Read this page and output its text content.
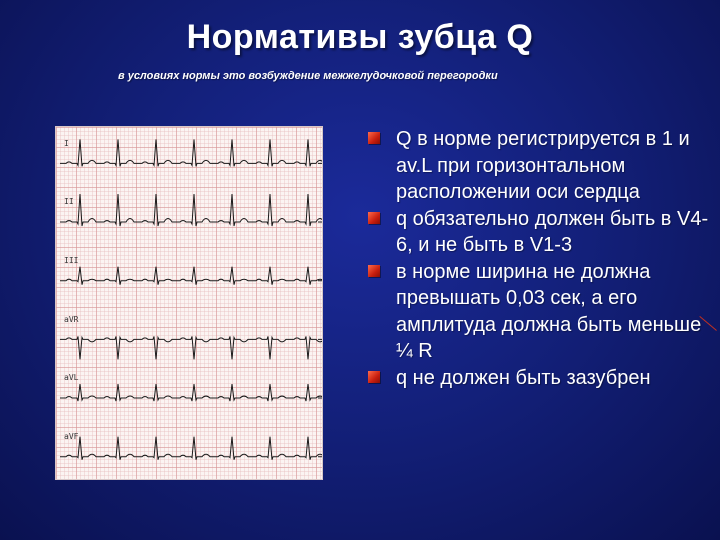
Нормативы зубца Q
в условиях нормы это возбуждение межжелудочковой перегородки
I
II
III
aVR
aVL
aVF
Q в норме регистрируется в 1 и av.L при горизонтальном расположении оси сердца
q обязательно должен быть в V4-6, и не быть в V1-3
в норме ширина не должна превышать 0,03 сек, а его амплитуда должна быть меньше ¼ R
q не должен быть зазубрен
